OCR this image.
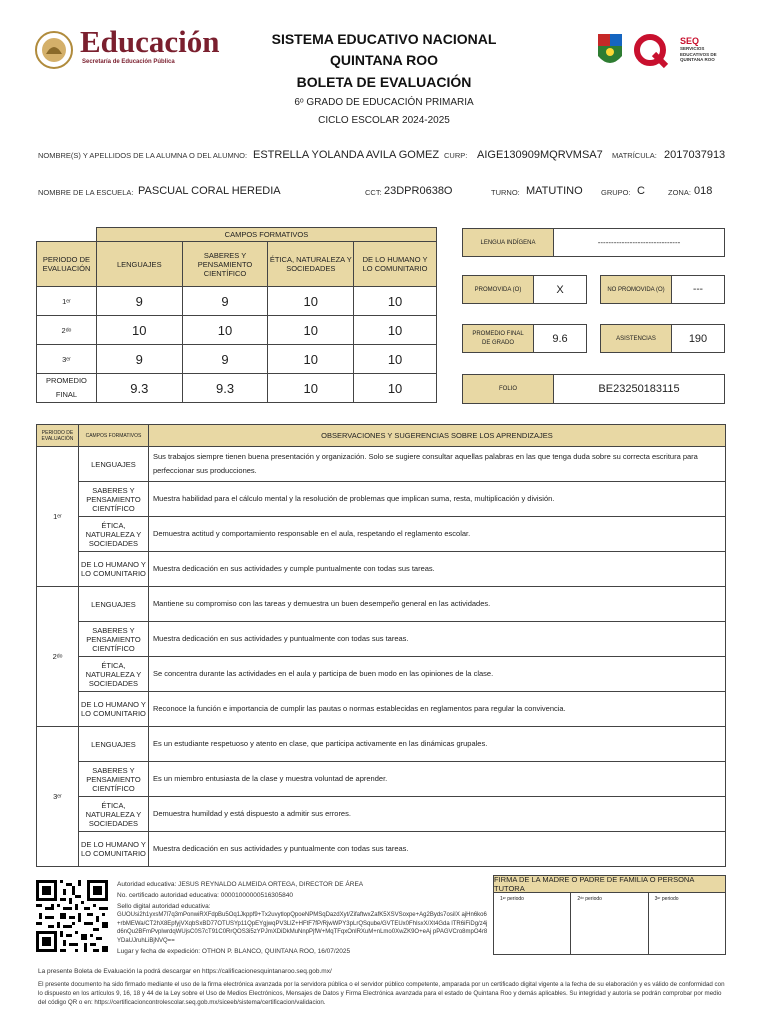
Educación
Secretaría de Educación Pública
SISTEMA EDUCATIVO NACIONAL
QUINTANA ROO
BOLETA DE EVALUACIÓN
6ᵒ GRADO DE EDUCACIÓN PRIMARIA
CICLO ESCOLAR 2024-2025
SEQ
SERVICIOS EDUCATIVOS DE QUINTANA ROO
NOMBRE(S) Y APELLIDOS DE LA ALUMNA O DEL ALUMNO: ESTRELLA YOLANDA AVILA GOMEZ CURP: AIGE130909MQRVMSA7 MATRÍCULA: 2017037913
NOMBRE DE LA ESCUELA: PASCUAL CORAL HEREDIA	CCT: 23DPR0638O	TURNO: MATUTINO GRUPO: C	ZONA: 018
	CAMPOS FORMATIVOS			
PERIODO DE EVALUACIÓN	LENGUAJES	SABERES Y PENSAMIENTO CIENTÍFICO	ÉTICA, NATURALEZA Y SOCIEDADES	DE LO HUMANO Y LO COMUNITARIO
1ᵉʳ	9	9	10	10
2ᵈᵒ	10	10	10	10
3ᵉʳ	9	9	10	10
PROMEDIO FINAL	9.3	9.3	10	10
LENGUA INDÍGENA	-------------------------------
PROMOVIDA (O)	X	NO PROMOVIDA (O)	---
PROMEDIO FINAL DE GRADO	9.6	ASISTENCIAS	190
FOLIO	BE23250183115
PERIODO DE EVALUACIÓN	CAMPOS FORMATIVOS	OBSERVACIONES Y SUGERENCIAS SOBRE LOS APRENDIZAJES
1ᵉʳ	LENGUAJES	Sus trabajos siempre tienen buena presentación y organización. Solo se sugiere consultar aquellas palabras en las que tenga duda sobre su correcta escritura para perfeccionar sus producciones.
	SABERES Y PENSAMIENTO CIENTÍFICO	Muestra habilidad para el cálculo mental y la resolución de problemas que implican suma, resta, multiplicación y división.
	ÉTICA, NATURALEZA Y SOCIEDADES	Demuestra actitud y comportamiento responsable en el aula, respetando el reglamento escolar.
	DE LO HUMANO Y LO COMUNITARIO	Muestra dedicación en sus actividades y cumple puntualmente con todas sus tareas.
2ᵈᵒ	LENGUAJES	Mantiene su compromiso con las tareas y demuestra un buen desempeño general en las actividades.
	SABERES Y PENSAMIENTO CIENTÍFICO	Muestra dedicación en sus actividades y puntualmente con todas sus tareas.
	ÉTICA, NATURALEZA Y SOCIEDADES	Se concentra durante las actividades en el aula y participa de buen modo en las opiniones de la clase.
	DE LO HUMANO Y LO COMUNITARIO	Reconoce la función e importancia de cumplir las pautas o normas establecidas en reglamentos para regular la convivencia.
3ᵉʳ	LENGUAJES	Es un estudiante respetuoso y atento en clase, que participa activamente en las dinámicas grupales.
	SABERES Y PENSAMIENTO CIENTÍFICO	Es un miembro entusiasta de la clase y muestra voluntad de aprender.
	ÉTICA, NATURALEZA Y SOCIEDADES	Demuestra humildad y está dispuesto a admitir sus errores.
	DE LO HUMANO Y LO COMUNITARIO	Muestra dedicación en sus actividades y puntualmente con todas sus tareas.
Autoridad educativa: JESUS REYNALDO ALMEIDA ORTEGA, DIRECTOR DE ÁREA
No. certificado autoridad educativa: 00001000000516305840
Sello digital autoridad educativa:
GUOUsi2h1yxsM7l7q3mPonwiRXFdpBu5Oq1Jkppf9+Tx2uvytlopQpoeNPMSqDazdXyt/ZifaftwxZafK5XSVSoxpe+Ag2Byds7osiIX ajHn6ko6+rbMEWa/CT2hX8EpfyjVXqbSxBD77OTUSYp11QpEYgjwqPV3LlZ+HFtF7fP/RjwWPY3pLrQSqube/GVTEUx0FhIsxX/Xt4Gda lTR6iFiDg/z4jd6nQu2BFmPvplwrdqWUjsC0S7cT91C0RrQOS3i5zYPJmXDiDkMuNnpPjfW+MqTFqxOnlRXuM+nLmo0XwZK9O+eAj pPAGVCro8mpO4r8YDaUJruhLiBjNVQ==
Lugar y fecha de expedición: OTHON P. BLANCO, QUINTANA ROO, 16/07/2025
FIRMA DE LA MADRE O PADRE DE FAMILIA O PERSONA TUTORA
1ᵉʳ periodo	2ᵈᵒ periodo	3ᵉʳ periodo
La presente Boleta de Evaluación la podrá descargar en https://calificacionesquintanaroo.seq.gob.mx/
El presente documento ha sido firmado mediante el uso de la firma electrónica avanzada por la servidora pública o el servidor público competente, amparada por un certificado digital vigente a la fecha de su elaboración y es válido de conformidad con lo dispuesto en los artículos 9, 16, 18 y 44 de la Ley sobre el Uso de Medios Electrónicos, Mensajes de Datos y Firma Electrónica avanzada para el estado de Quintana Roo y demás aplicables. Su integridad y autoría se podrán comprobar por medio del código QR o en: https://certificacioncontrolescolar.seq.gob.mx/siceeb/sistema/certificacion/validacion.
